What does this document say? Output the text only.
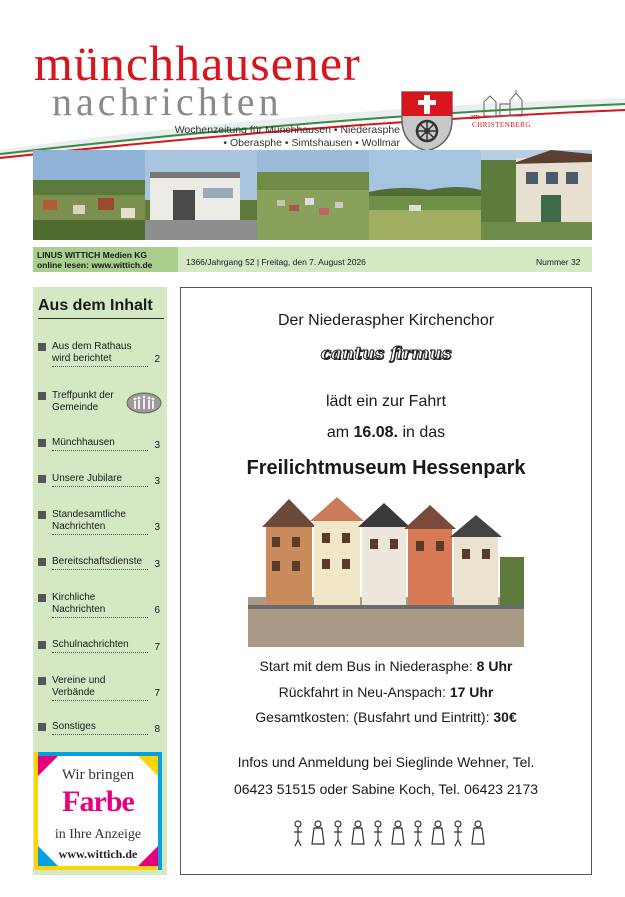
münchhausener
nachrichten
Wochenzeitung für Münchhausen • Niederasphe
• Oberasphe • Simtshausen • Wollmar
am
CHRISTENBERG
LINUS WITTICH Medien KG
online lesen: www.wittich.de	1366/Jahrgang 52 | Freitag, den 7. August 2026	Nummer 32
Aus dem Inhalt
Aus dem Rathaus wird berichtet	2
Treffpunkt der Gemeinde
Münchhausen	3
Unsere Jubilare	3
Standesamtliche Nachrichten	3
Bereitschaftsdienste	3
Kirchliche Nachrichten	6
Schulnachrichten	7
Vereine und Verbände	7
Sonstiges	8
Wir bringen
Farbe
in Ihre Anzeige
www.wittich.de
Der Niederaspher Kirchenchor
cantus firmus
lädt ein zur Fahrt
am 16.08. in das
Freilichtmuseum Hessenpark
Start mit dem Bus in Niederasphe: 8 Uhr
Rückfahrt in Neu-Anspach: 17 Uhr
Gesamtkosten: (Busfahrt und Eintritt): 30€
Infos und Anmeldung bei Sieglinde Wehner, Tel.
06423 51515 oder Sabine Koch, Tel. 06423 2173
